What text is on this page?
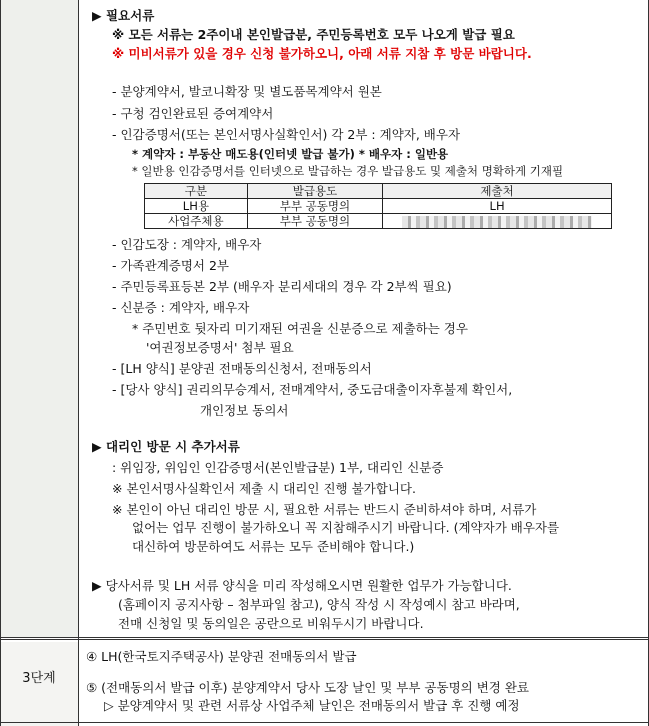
▶ 필요서류
※ 모든 서류는 2주이내 본인발급분, 주민등록번호 모두 나오게 발급 필요
※ 미비서류가 있을 경우 신청 불가하오니, 아래 서류 지참 후 방문 바랍니다.
- 분양계약서, 발코니확장 및 별도품목계약서 원본
- 구청 검인완료된 증여계약서
- 인감증명서(또는 본인서명사실확인서) 각 2부 : 계약자, 배우자
* 계약자 : 부동산 매도용(인터넷 발급 불가) * 배우자 : 일반용
* 일반용 인감증명서를 인터넷으로 발급하는 경우 발급용도 및 제출처 명확하게 기재필
구분	발급용도	제출처
LH용	부부 공동명의	LH
사업주체용	부부 공동명의	
- 인감도장 : 계약자, 배우자
- 가족관계증명서 2부
- 주민등록표등본 2부 (배우자 분리세대의 경우 각 2부씩 필요)
- 신분증 : 계약자, 배우자
* 주민번호 뒷자리 미기재된 여권을 신분증으로 제출하는 경우
'여권정보증명서' 첨부 필요
- [LH 양식] 분양권 전매동의신청서, 전매동의서
- [당사 양식] 권리의무승계서, 전매계약서, 중도금대출이자후불제 확인서,
개인정보 동의서
▶ 대리인 방문 시 추가서류
: 위임장, 위임인 인감증명서(본인발급분) 1부, 대리인 신분증
※ 본인서명사실확인서 제출 시 대리인 진행 불가합니다.
※ 본인이 아닌 대리인 방문 시, 필요한 서류는 반드시 준비하셔야 하며, 서류가
없어는 업무 진행이 불가하오니 꼭 지참해주시기 바랍니다. (계약자가 배우자를
대신하여 방문하여도 서류는 모두 준비해야 합니다.)
▶ 당사서류 및 LH 서류 양식을 미리 작성해오시면 원활한 업무가 가능합니다.
(홈페이지 공지사항 – 첨부파일 참고), 양식 작성 시 작성예시 참고 바라며,
전매 신청일 및 동의일은 공란으로 비워두시기 바랍니다.
3단계
④ LH(한국토지주택공사) 분양권 전매동의서 발급
⑤ (전매동의서 발급 이후) 분양계약서 당사 도장 날인 및 부부 공동명의 변경 완료
▷ 분양계약서 및 관련 서류상 사업주체 날인은 전매동의서 발급 후 진행 예정
